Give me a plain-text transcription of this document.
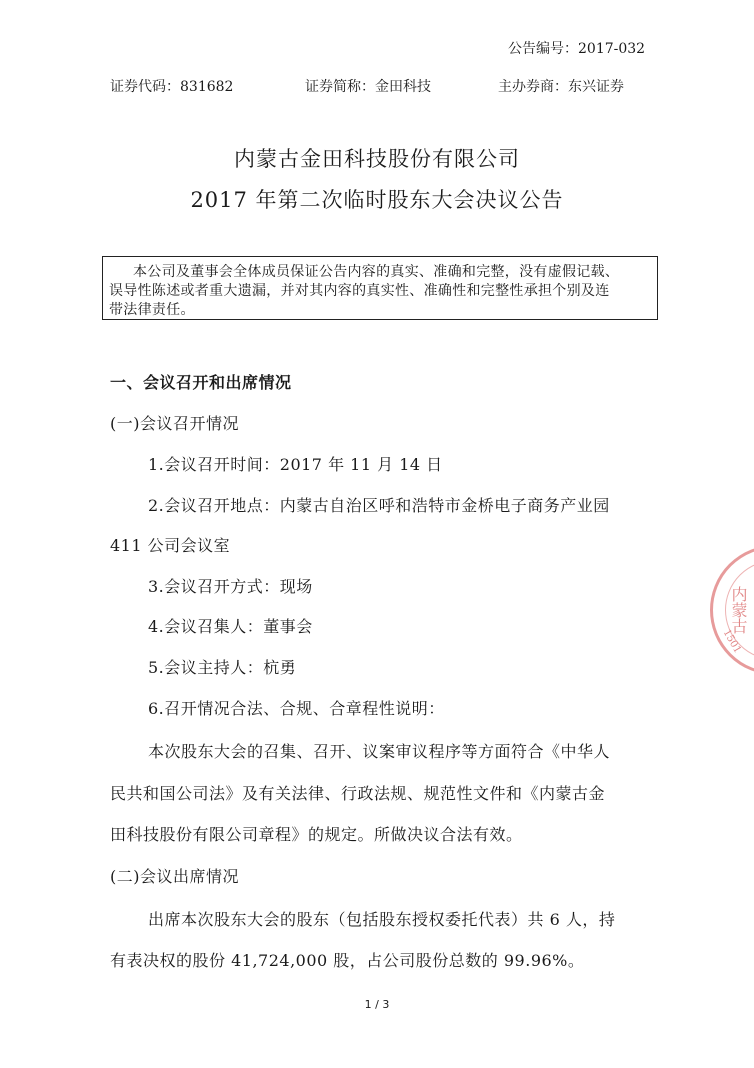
公告编号：2017-032
证券代码：831682	证券简称：金田科技	主办券商：东兴证券
内蒙古金田科技股份有限公司
2017 年第二次临时股东大会决议公告
本公司及董事会全体成员保证公告内容的真实、准确和完整，没有虚假记载、
误导性陈述或者重大遗漏，并对其内容的真实性、准确性和完整性承担个别及连
带法律责任。
一、会议召开和出席情况
(一)会议召开情况
1.会议召开时间：2017 年 11 月 14 日
2.会议召开地点：内蒙古自治区呼和浩特市金桥电子商务产业园
411 公司会议室
3.会议召开方式：现场
4.会议召集人：董事会
5.会议主持人：杭勇
6.召开情况合法、合规、合章程性说明：
本次股东大会的召集、召开、议案审议程序等方面符合《中华人
民共和国公司法》及有关法律、行政法规、规范性文件和《内蒙古金
田科技股份有限公司章程》的规定。所做决议合法有效。
(二)会议出席情况
出席本次股东大会的股东（包括股东授权委托代表）共 6 人，持
有表决权的股份 41,724,000 股，占公司股份总数的 99.96%。
1 / 3
内蒙古
1501
